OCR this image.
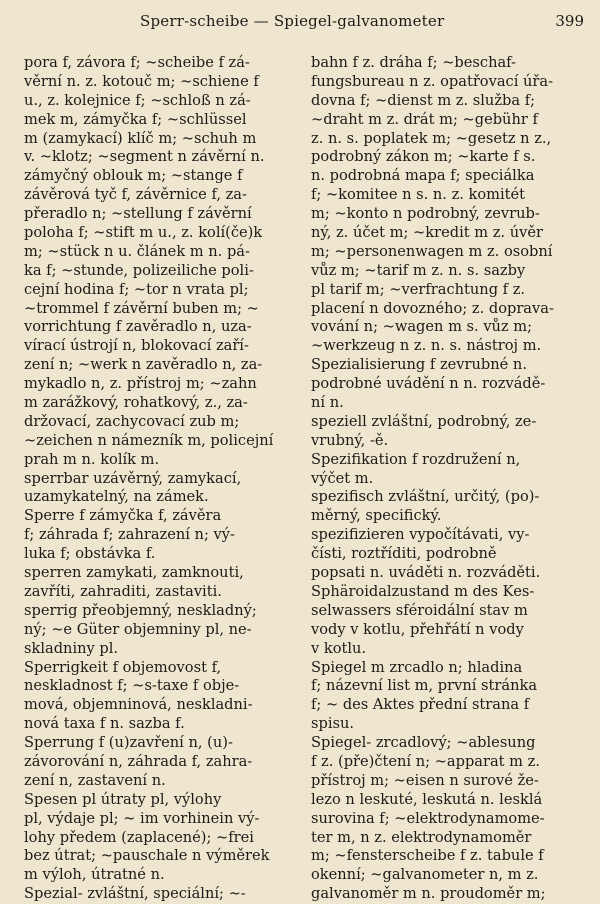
Sperr-scheibe — Spiegel-galvanometer	399
pora f, závora f; ~scheibe f zá-
věrní n. z. kotouč m; ~schiene f
u., z. kolejnice f; ~schloß n zá-
mek m, zámyčka f; ~schlüssel
m (zamykací) klíč m; ~schuh m
v. ~klotz; ~segment n závěrní n.
zámyčný oblouk m; ~stange f
závěrová tyč f, závěrnice f, za-
přeradlo n; ~stellung f závěrní
poloha f; ~stift m u., z. kolí(če)k
m; ~stück n u. článek m n. pá-
ka f; ~stunde, polizeiliche poli-
cejní hodina f; ~tor n vrata pl;
~trommel f závěrní buben m; ~
vorrichtung f zavěradlo n, uza-
vírací ústrojí n, blokovací zaří-
zení n; ~werk n zavěradlo n, za-
mykadlo n, z. přístroj m; ~zahn
m zarážkový, rohatkový, z., za-
držovací, zachycovací zub m;
~zeichen n námezník m, policejní
prah m n. kolík m.
sperrbar uzávěrný, zamykací,
uzamykatelný, na zámek.
Sperre f zámyčka f, závěra
f; záhrada f; zahrazení n; vý-
luka f; obstávka f.
sperren zamykati, zamknouti,
zavříti, zahraditi, zastaviti.
sperrig přeobjemný, neskladný;
ný; ~e Güter objemniny pl, ne-
skladniny pl.
Sperrigkeit f objemovost f,
neskladnost f; ~s-taxe f obje-
mová, objemninová, neskladni-
nová taxa f n. sazba f.
Sperrung f (u)zavření n, (u)-
závorování n, záhrada f, zahra-
zení n, zastavení n.
Spesen pl útraty pl, výlohy
pl, výdaje pl; ~ im vorhinein vý-
lohy předem (zaplacené); ~frei
bez útrat; ~pauschale n výměrek
m výloh, útratné n.
Spezial- zvláštní, speciální; ~-
bahn f z. dráha f; ~beschaf-
fungsbureau n z. opatřovací úřa-
dovna f; ~dienst m z. služba f;
~draht m z. drát m; ~gebühr f
z. n. s. poplatek m; ~gesetz n z.,
podrobný zákon m; ~karte f s.
n. podrobná mapa f; speciálka
f; ~komitee n s. n. z. komitét
m; ~konto n podrobný, zevrub-
ný, z. účet m; ~kredit m z. úvěr
m; ~personenwagen m z. osobní
vůz m; ~tarif m z. n. s. sazby
pl tarif m; ~verfrachtung f z.
placení n dovozného; z. doprava-
vování n; ~wagen m s. vůz m;
~werkzeug n z. n. s. nástroj m.
Spezialisierung f zevrubné n.
podrobné uvádění n n. rozvádě-
ní n.
speziell zvláštní, podrobný, ze-
vrubný, -ě.
Spezifikation f rozdružení n,
výčet m.
spezifisch zvláštní, určitý, (po)-
měrný, specifický.
spezifizieren vypočítávati, vy-
čísti, roztříditi, podrobně
popsati n. uváděti n. rozváděti.
Sphäroidalzustand m des Kes-
selwassers sféroidální stav m
vody v kotlu, přehřátí n vody
v kotlu.
Spiegel m zrcadlo n; hladina
f; názevní list m, první stránka
f; ~ des Aktes přední strana f
spisu.
Spiegel- zrcadlový; ~ablesung
f z. (pře)čtení n; ~apparat m z.
přístroj m; ~eisen n surové že-
lezo n leskuté, leskutá n. lesklá
surovina f; ~elektrodynamome-
ter m, n z. elektrodynamoměr
m; ~fensterscheibe f z. tabule f
okenní; ~galvanometer n, m z.
galvanoměr m n. proudoměr m;
